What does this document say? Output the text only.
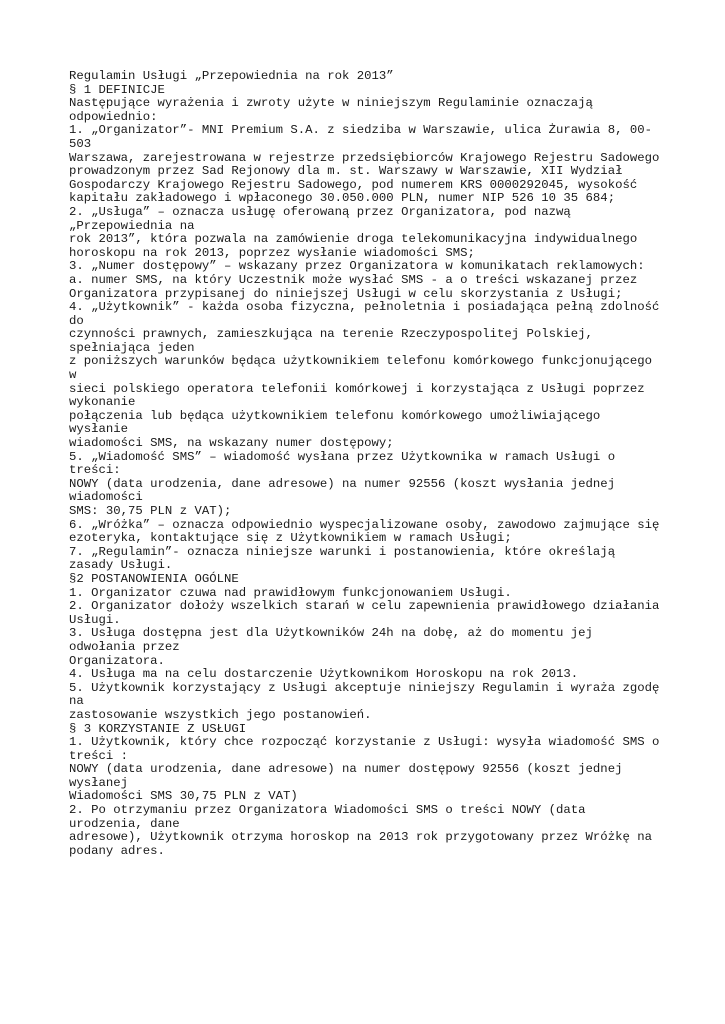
Regulamin Usługi „Przepowiednia na rok 2013”
§ 1 DEFINICJE
Następujące wyrażenia i zwroty użyte w niniejszym Regulaminie oznaczają
odpowiednio:
1. „Organizator”- MNI Premium S.A. z siedziba w Warszawie, ulica Żurawia 8, 00-
503
Warszawa, zarejestrowana w rejestrze przedsiębiorców Krajowego Rejestru Sadowego
prowadzonym przez Sad Rejonowy dla m. st. Warszawy w Warszawie, XII Wydział
Gospodarczy Krajowego Rejestru Sadowego, pod numerem KRS 0000292045, wysokość
kapitału zakładowego i wpłaconego 30.050.000 PLN, numer NIP 526 10 35 684;
2. „Usługa” – oznacza usługę oferowaną przez Organizatora, pod nazwą
„Przepowiednia na
rok 2013”, która pozwala na zamówienie droga telekomunikacyjna indywidualnego
horoskopu na rok 2013, poprzez wysłanie wiadomości SMS;
3. „Numer dostępowy” – wskazany przez Organizatora w komunikatach reklamowych:
a. numer SMS, na który Uczestnik może wysłać SMS - a o treści wskazanej przez
Organizatora przypisanej do niniejszej Usługi w celu skorzystania z Usługi;
4. „Użytkownik” - każda osoba fizyczna, pełnoletnia i posiadająca pełną zdolność
do
czynności prawnych, zamieszkująca na terenie Rzeczypospolitej Polskiej,
spełniająca jeden
z poniższych warunków będąca użytkownikiem telefonu komórkowego funkcjonującego
w
sieci polskiego operatora telefonii komórkowej i korzystająca z Usługi poprzez
wykonanie
połączenia lub będąca użytkownikiem telefonu komórkowego umożliwiającego
wysłanie
wiadomości SMS, na wskazany numer dostępowy;
5. „Wiadomość SMS” – wiadomość wysłana przez Użytkownika w ramach Usługi o
treści:
NOWY (data urodzenia, dane adresowe) na numer 92556 (koszt wysłania jednej
wiadomości
SMS: 30,75 PLN z VAT);
6. „Wróżka” – oznacza odpowiednio wyspecjalizowane osoby, zawodowo zajmujące się
ezoteryka, kontaktujące się z Użytkownikiem w ramach Usługi;
7. „Regulamin”- oznacza niniejsze warunki i postanowienia, które określają
zasady Usługi.
§2 POSTANOWIENIA OGÓLNE
1. Organizator czuwa nad prawidłowym funkcjonowaniem Usługi.
2. Organizator dołoży wszelkich starań w celu zapewnienia prawidłowego działania
Usługi.
3. Usługa dostępna jest dla Użytkowników 24h na dobę, aż do momentu jej
odwołania przez
Organizatora.
4. Usługa ma na celu dostarczenie Użytkownikom Horoskopu na rok 2013.
5. Użytkownik korzystający z Usługi akceptuje niniejszy Regulamin i wyraża zgodę
na
zastosowanie wszystkich jego postanowień.
§ 3 KORZYSTANIE Z USŁUGI
1. Użytkownik, który chce rozpocząć korzystanie z Usługi: wysyła wiadomość SMS o
treści :
NOWY (data urodzenia, dane adresowe) na numer dostępowy 92556 (koszt jednej
wysłanej
Wiadomości SMS 30,75 PLN z VAT)
2. Po otrzymaniu przez Organizatora Wiadomości SMS o treści NOWY (data
urodzenia, dane
adresowe), Użytkownik otrzyma horoskop na 2013 rok przygotowany przez Wróżkę na
podany adres.
